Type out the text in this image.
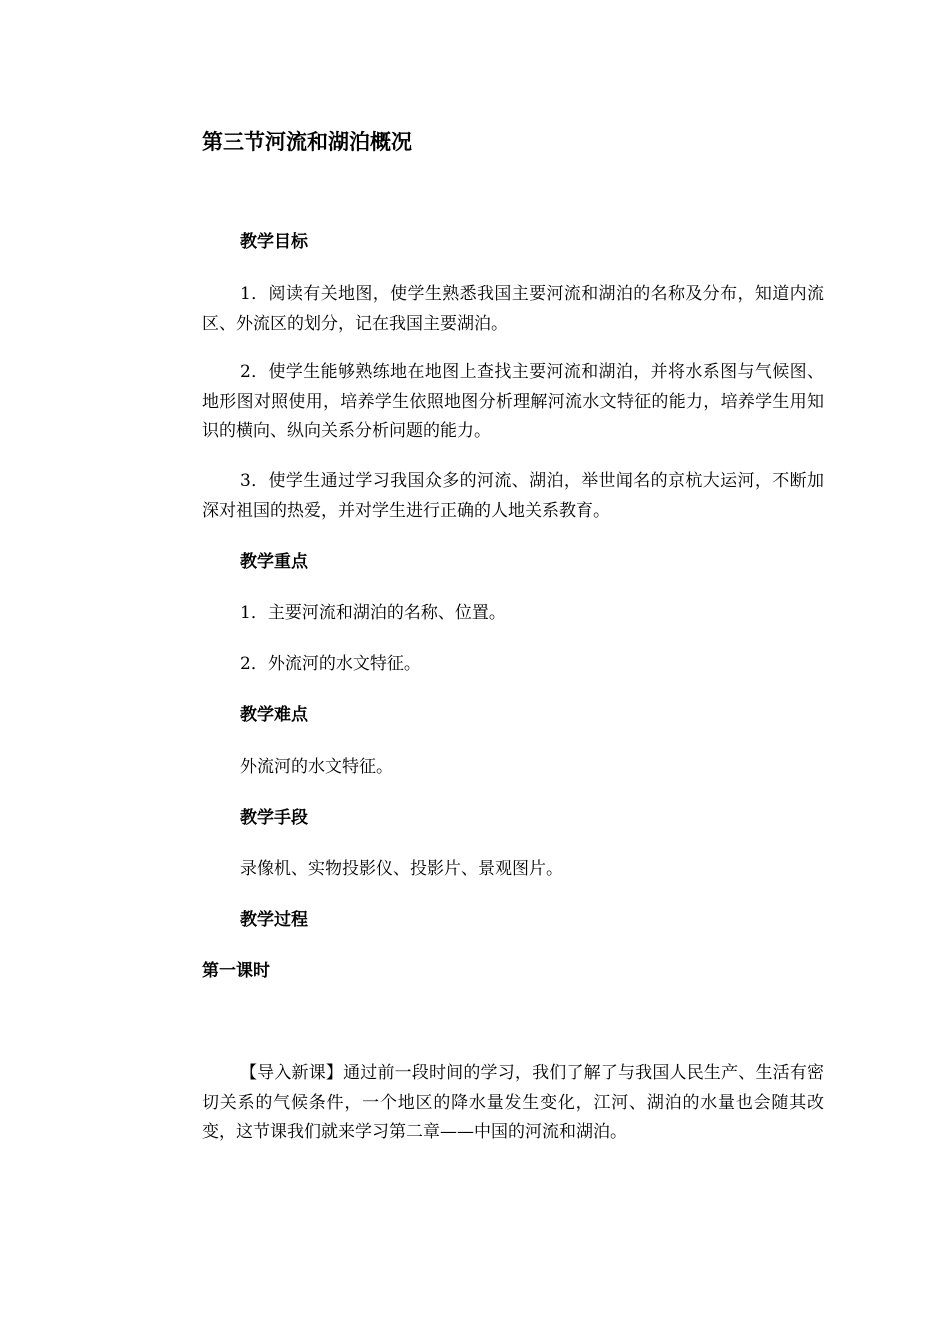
第三节河流和湖泊概况
教学目标

1．阅读有关地图，使学生熟悉我国主要河流和湖泊的名称及分布，知道内流区、外流区的划分，记在我国主要湖泊。

2．使学生能够熟练地在地图上查找主要河流和湖泊，并将水系图与气候图、地形图对照使用，培养学生依照地图分析理解河流水文特征的能力，培养学生用知识的横向、纵向关系分析问题的能力。

3．使学生通过学习我国众多的河流、湖泊，举世闻名的京杭大运河，不断加深对祖国的热爱，并对学生进行正确的人地关系教育。

教学重点

1．主要河流和湖泊的名称、位置。

2．外流河的水文特征。

教学难点

外流河的水文特征。

教学手段

录像机、实物投影仪、投影片、景观图片。

教学过程
第一课时

【导入新课】通过前一段时间的学习，我们了解了与我国人民生产、生活有密切关系的气候条件，一个地区的降水量发生变化，江河、湖泊的水量也会随其改变，这节课我们就来学习第二章——中国的河流和湖泊。
